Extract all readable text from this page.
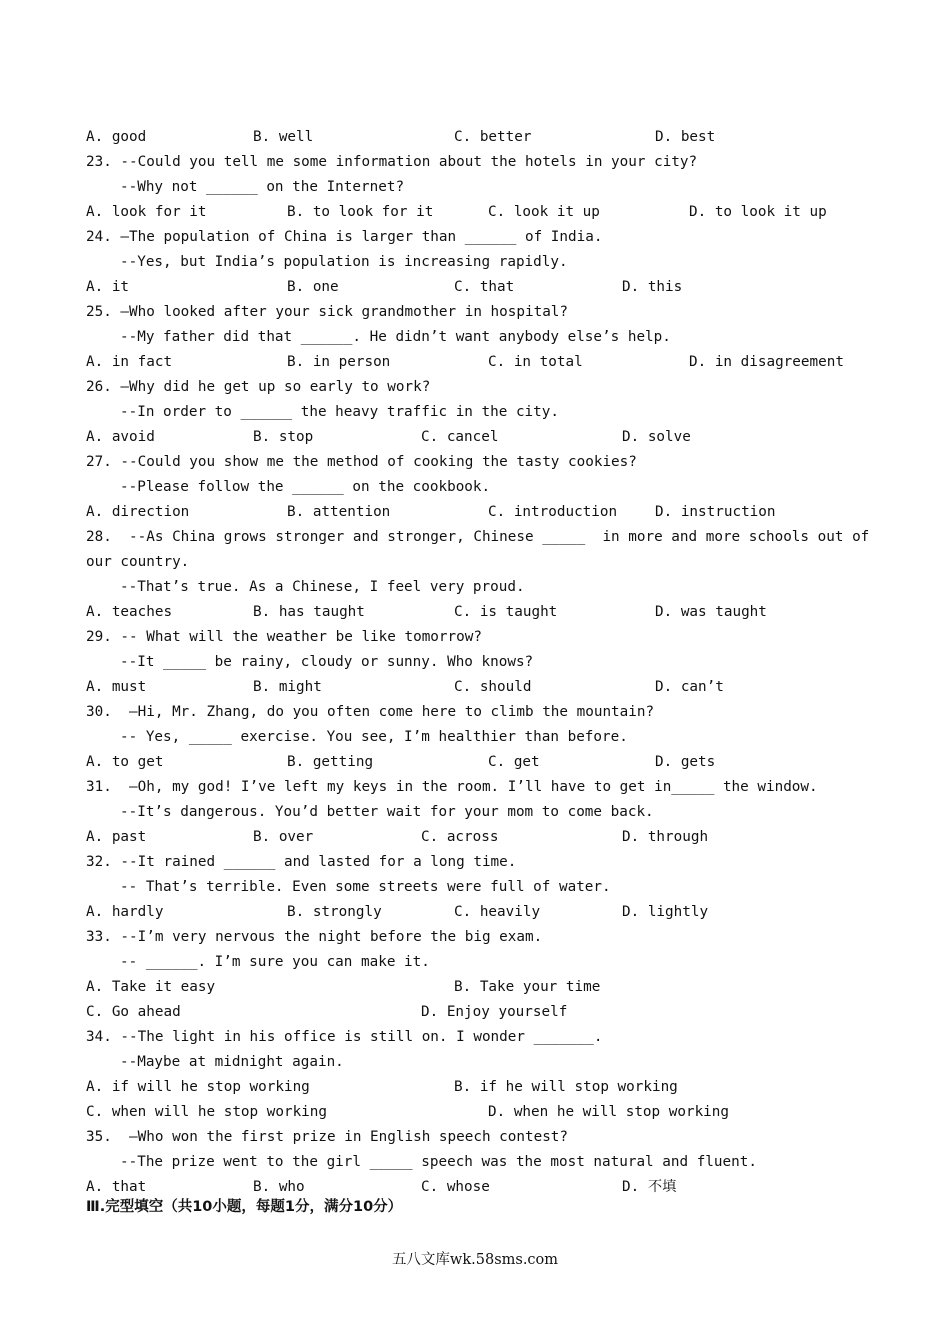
A. good	B. well	C. better	D. best
23. --Could you tell me some information about the hotels in your city?
--Why not ______ on the Internet?
A. look for it	B. to look for it	C. look it up	D. to look it up
24. —The population of China is larger than ______ of India.
--Yes, but India’s population is increasing rapidly.
A. it	B. one	C. that	D. this
25. –Who looked after your sick grandmother in hospital?
--My father did that ______. He didn’t want anybody else’s help.
A. in fact	B. in person	C. in total	D. in disagreement
26. –Why did he get up so early to work?
--In order to ______ the heavy traffic in the city.
A. avoid	B. stop	C. cancel	D. solve
27. --Could you show me the method of cooking the tasty cookies?
--Please follow the ______ on the cookbook.
A. direction	B. attention	C. introduction	D. instruction
28.  --As China grows stronger and stronger, Chinese _____  in more and more schools out of
our country.
--That’s true. As a Chinese, I feel very proud.
A. teaches	B. has taught	C. is taught	D. was taught
29. -- What will the weather be like tomorrow?
--It _____ be rainy, cloudy or sunny. Who knows?
A. must	B. might	C. should	D. can’t
30.  –Hi, Mr. Zhang, do you often come here to climb the mountain?
-- Yes, _____ exercise. You see, I’m healthier than before.
A. to get	B. getting	C. get	D. gets
31.  –Oh, my god! I’ve left my keys in the room. I’ll have to get in_____ the window.
--It’s dangerous. You’d better wait for your mom to come back.
A. past	B. over	C. across	D. through
32. --It rained ______ and lasted for a long time.
-- That’s terrible. Even some streets were full of water.
A. hardly	B. strongly	C. heavily	D. lightly
33. --I’m very nervous the night before the big exam.
-- ______. I’m sure you can make it.
A. Take it easy	B. Take your time
C. Go ahead	D. Enjoy yourself
34. --The light in his office is still on. I wonder _______.
--Maybe at midnight again.
A. if will he stop working	B. if he will stop working
C. when will he stop working	D. when he will stop working
35.  –Who won the first prize in English speech contest?
--The prize went to the girl _____ speech was the most natural and fluent.
A. that	B. who	C. whose	D. 不填
Ⅲ.完型填空（共10小题，每题1分，满分10分）
五八文库wk.58sms.com
